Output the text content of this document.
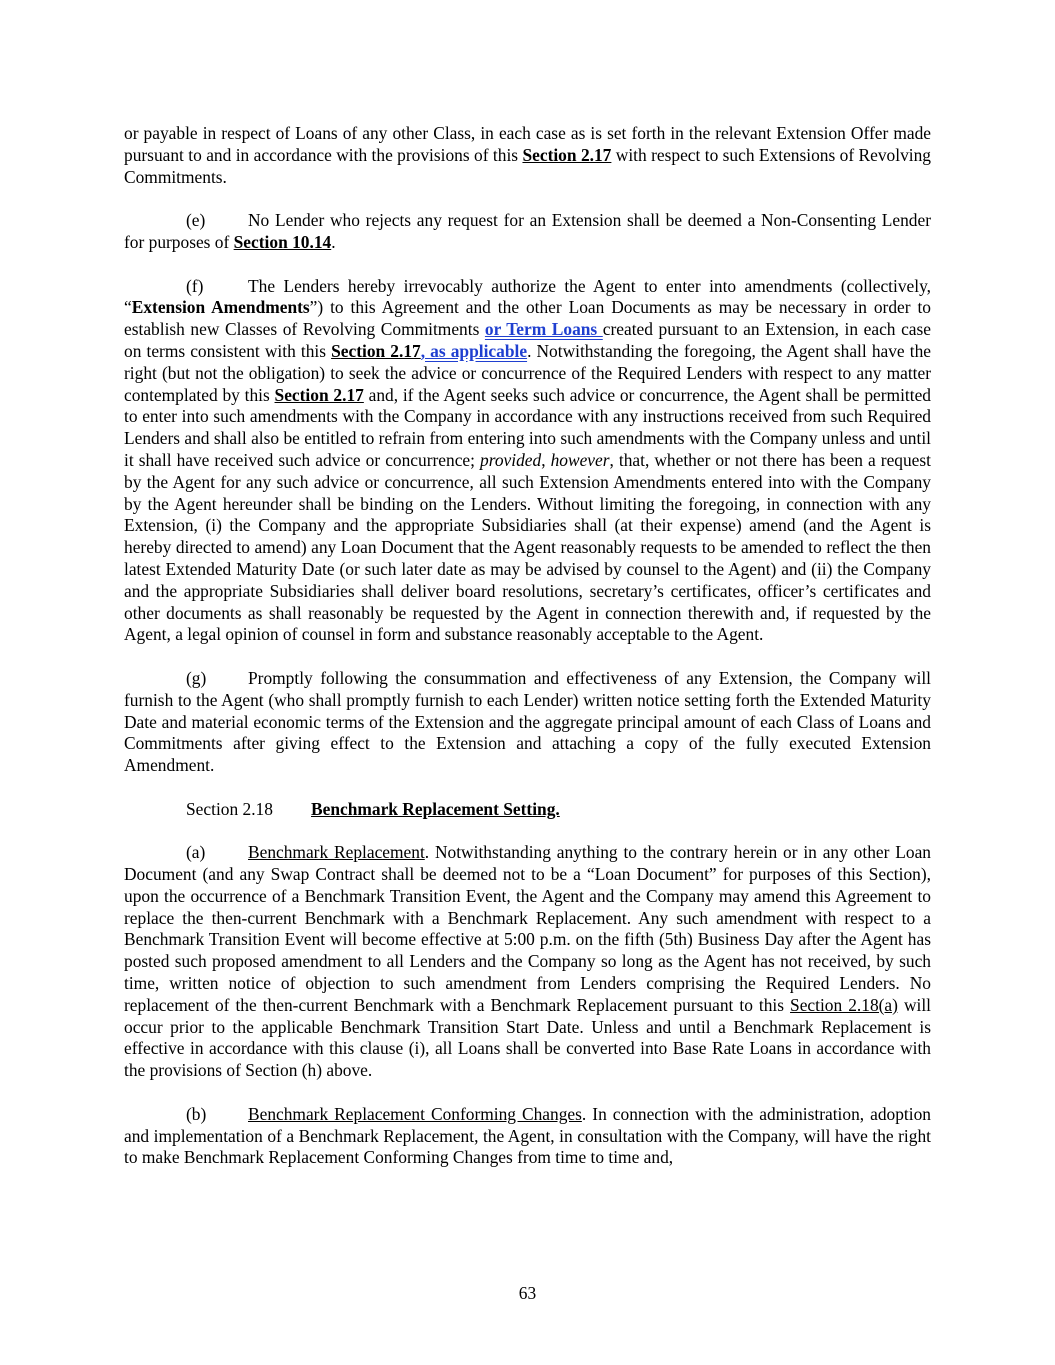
or payable in respect of Loans of any other Class, in each case as is set forth in the relevant Extension Offer made pursuant to and in accordance with the provisions of this Section 2.17 with respect to such Extensions of Revolving Commitments.

(e) No Lender who rejects any request for an Extension shall be deemed a Non-Consenting Lender for purposes of Section 10.14.

(f)	The Lenders hereby irrevocably authorize the Agent to enter into amendments (collectively, “Extension Amendments”) to this Agreement and the other Loan Documents as may be necessary in order to establish new Classes of Revolving Commitments or Term Loans created pursuant to an Extension, in each case on terms consistent with this Section 2.17, as applicable. Notwithstanding the foregoing, the Agent shall have the right (but not the obligation) to seek the advice or concurrence of the Required Lenders with respect to any matter contemplated by this Section 2.17 and, if the Agent seeks such advice or concurrence, the Agent shall be permitted to enter into such amendments with the Company in accordance with any instructions received from such Required Lenders and shall also be entitled to refrain from entering into such amendments with the Company unless and until it shall have received such advice or concurrence; provided, however, that, whether or not there has been a request by the Agent for any such advice or concurrence, all such Extension Amendments entered into with the Company by the Agent hereunder shall be binding on the Lenders. Without limiting the foregoing, in connection with any Extension, (i) the Company and the appropriate Subsidiaries shall (at their expense) amend (and the Agent is hereby directed to amend) any Loan Document that the Agent reasonably requests to be amended to reflect the then latest Extended Maturity Date (or such later date as may be advised by counsel to the Agent) and (ii) the Company and the appropriate Subsidiaries shall deliver board resolutions, secretary’s certificates, officer’s certificates and other documents as shall reasonably be requested by the Agent in connection therewith and, if requested by the Agent, a legal opinion of counsel in form and substance reasonably acceptable to the Agent.

(g) Promptly following the consummation and effectiveness of any Extension, the Company will furnish to the Agent (who shall promptly furnish to each Lender) written notice setting forth the Extended Maturity Date and material economic terms of the Extension and the aggregate principal amount of each Class of Loans and Commitments after giving effect to the Extension and attaching a copy of the fully executed Extension Amendment.

Section 2.18 Benchmark Replacement Setting.

(a) Benchmark Replacement. Notwithstanding anything to the contrary herein or in any other Loan Document (and any Swap Contract shall be deemed not to be a “Loan Document” for purposes of this Section), upon the occurrence of a Benchmark Transition Event, the Agent and the Company may amend this Agreement to replace the then-current Benchmark with a Benchmark Replacement. Any such amendment with respect to a Benchmark Transition Event will become effective at 5:00 p.m. on the fifth (5th) Business Day after the Agent has posted such proposed amendment to all Lenders and the Company so long as the Agent has not received, by such time, written notice of objection to such amendment from Lenders comprising the Required Lenders. No replacement of the then-current Benchmark with a Benchmark Replacement pursuant to this Section 2.18(a) will occur prior to the applicable Benchmark Transition Start Date. Unless and until a Benchmark Replacement is effective in accordance with this clause (i), all Loans shall be converted into Base Rate Loans in accordance with the provisions of Section (h) above.

(b) Benchmark Replacement Conforming Changes. In connection with the administration, adoption and implementation of a Benchmark Replacement, the Agent, in consultation with the Company, will have the right to make Benchmark Replacement Conforming Changes from time to time and,

63
